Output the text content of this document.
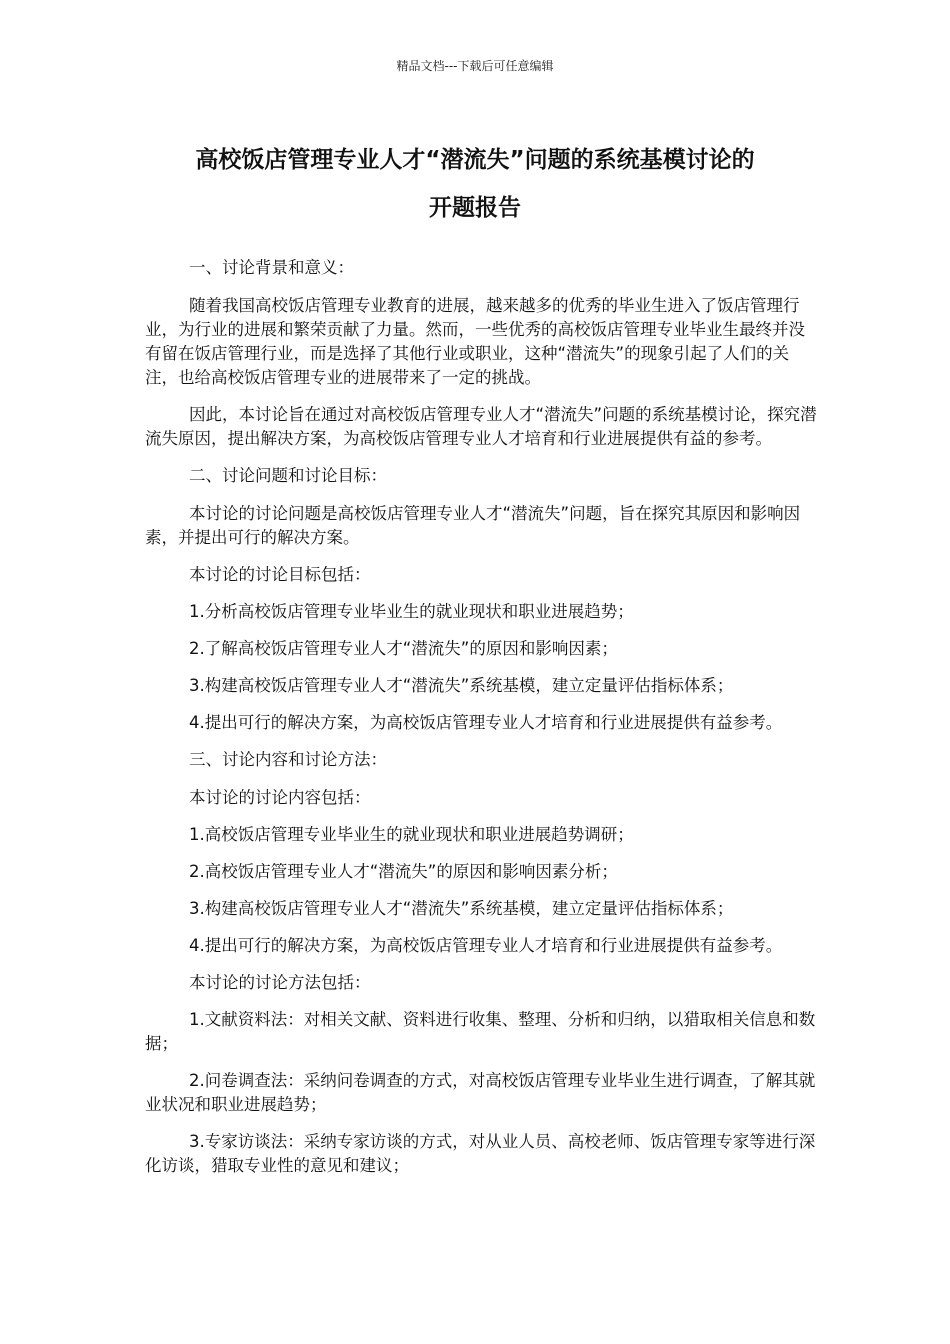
精品文档---下载后可任意编辑
高校饭店管理专业人才“潜流失”问题的系统基模讨论的
开题报告

一、讨论背景和意义：

随着我国高校饭店管理专业教育的进展，越来越多的优秀的毕业生进入了饭店管理行业，为行业的进展和繁荣贡献了力量。然而，一些优秀的高校饭店管理专业毕业生最终并没有留在饭店管理行业，而是选择了其他行业或职业，这种“潜流失”的现象引起了人们的关注，也给高校饭店管理专业的进展带来了一定的挑战。

因此，本讨论旨在通过对高校饭店管理专业人才“潜流失”问题的系统基模讨论，探究潜流失原因，提出解决方案，为高校饭店管理专业人才培育和行业进展提供有益的参考。

二、讨论问题和讨论目标：

本讨论的讨论问题是高校饭店管理专业人才“潜流失”问题，旨在探究其原因和影响因素，并提出可行的解决方案。

本讨论的讨论目标包括：

1.分析高校饭店管理专业毕业生的就业现状和职业进展趋势；

2.了解高校饭店管理专业人才“潜流失”的原因和影响因素；

3.构建高校饭店管理专业人才“潜流失”系统基模，建立定量评估指标体系；

4.提出可行的解决方案，为高校饭店管理专业人才培育和行业进展提供有益参考。

三、讨论内容和讨论方法：

本讨论的讨论内容包括：

1.高校饭店管理专业毕业生的就业现状和职业进展趋势调研；

2.高校饭店管理专业人才“潜流失”的原因和影响因素分析；

3.构建高校饭店管理专业人才“潜流失”系统基模，建立定量评估指标体系；

4.提出可行的解决方案，为高校饭店管理专业人才培育和行业进展提供有益参考。

本讨论的讨论方法包括：

1.文献资料法：对相关文献、资料进行收集、整理、分析和归纳，以猎取相关信息和数据；

2.问卷调查法：采纳问卷调查的方式，对高校饭店管理专业毕业生进行调查，了解其就业状况和职业进展趋势；

3.专家访谈法：采纳专家访谈的方式，对从业人员、高校老师、饭店管理专家等进行深化访谈，猎取专业性的意见和建议；
